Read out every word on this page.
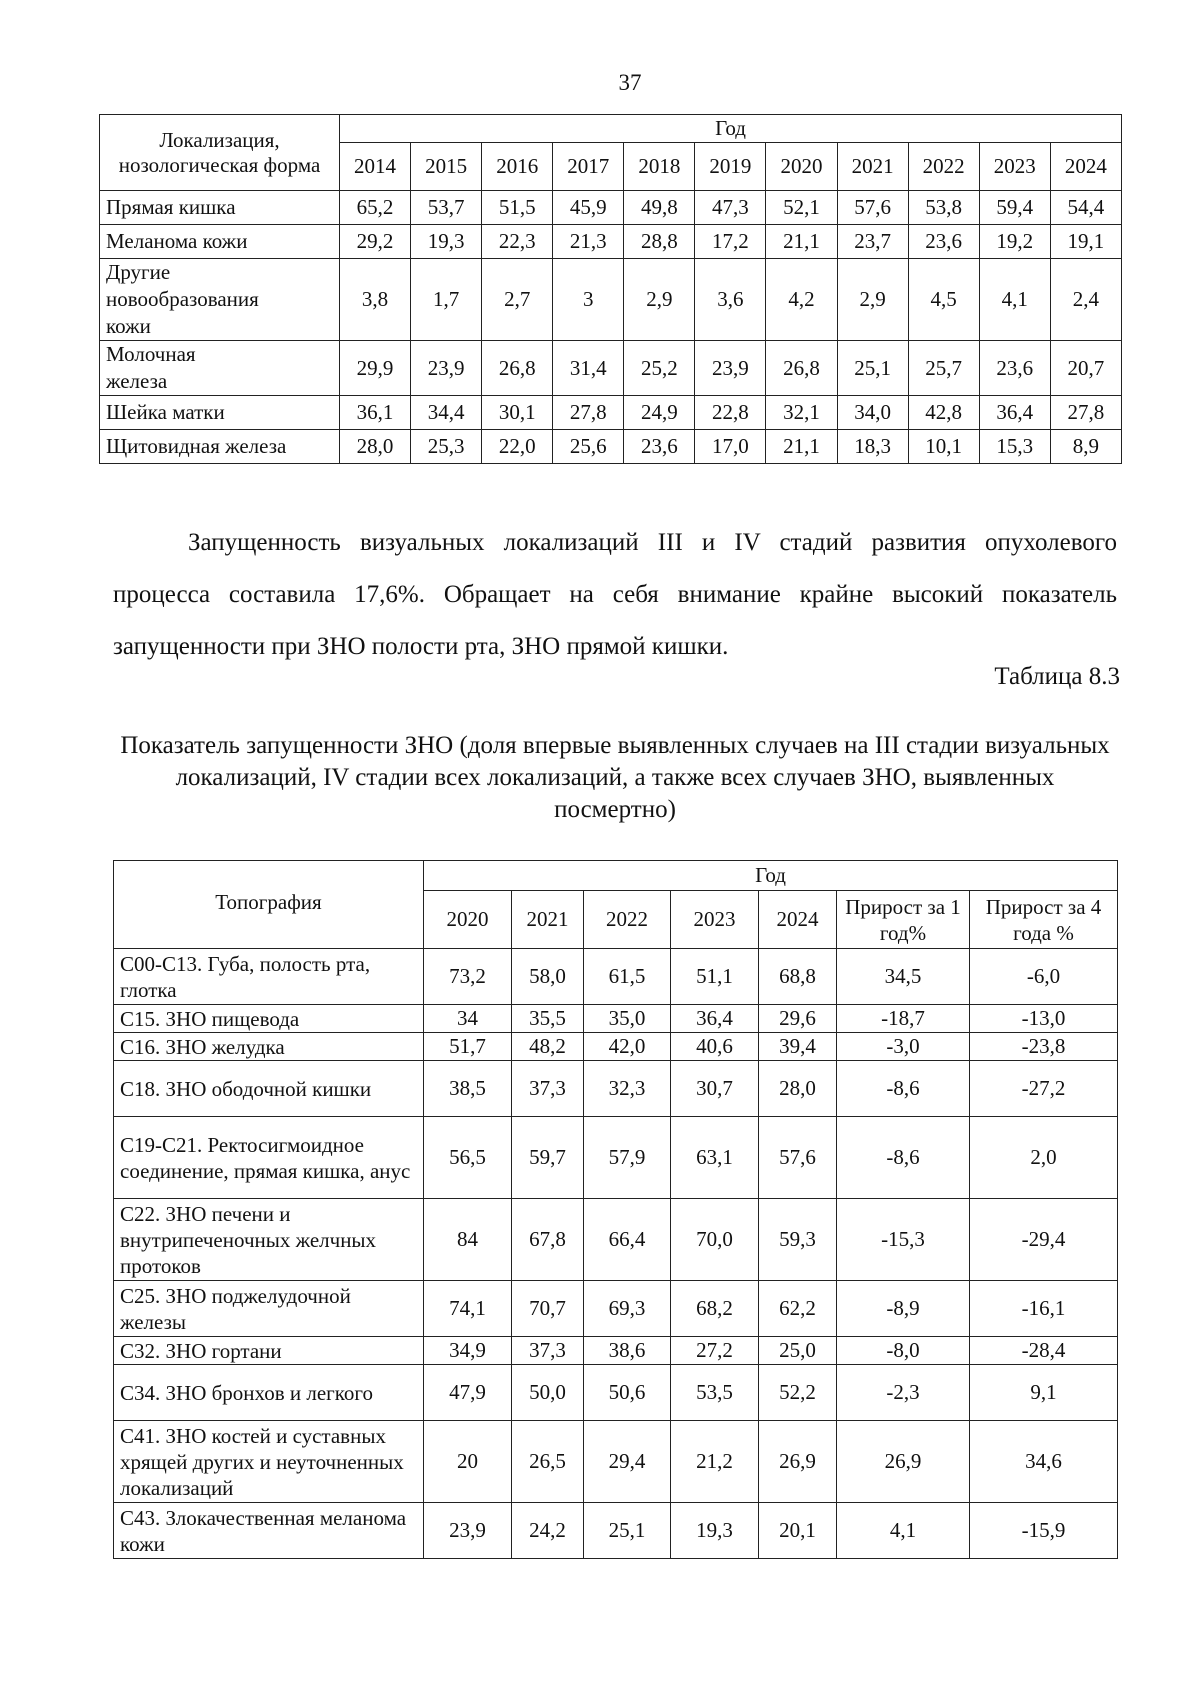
37
Локализация, нозологическая форма	Год										
	2014	2015	2016	2017	2018	2019	2020	2021	2022	2023	2024
Прямая кишка	65,2	53,7	51,5	45,9	49,8	47,3	52,1	57,6	53,8	59,4	54,4
Меланома кожи	29,2	19,3	22,3	21,3	28,8	17,2	21,1	23,7	23,6	19,2	19,1
Другие новообразования кожи	3,8	1,7	2,7	3	2,9	3,6	4,2	2,9	4,5	4,1	2,4
Молочная железа	29,9	23,9	26,8	31,4	25,2	23,9	26,8	25,1	25,7	23,6	20,7
Шейка матки	36,1	34,4	30,1	27,8	24,9	22,8	32,1	34,0	42,8	36,4	27,8
Щитовидная железа	28,0	25,3	22,0	25,6	23,6	17,0	21,1	18,3	10,1	15,3	8,9
Запущенность визуальных локализаций III и IV стадий развития опухолевого процесса составила 17,6%. Обращает на себя внимание крайне высокий показатель запущенности при ЗНО полости рта, ЗНО прямой кишки.
Таблица 8.3
Показатель запущенности ЗНО (доля впервые выявленных случаев на III стадии визуальных локализаций, IV стадии всех локализаций, а также всех случаев ЗНО, выявленных посмертно)
Топография	Год						
	2020	2021	2022	2023	2024	Прирост за 1 год%	Прирост за 4 года %
C00-C13. Губа, полость рта, глотка	73,2	58,0	61,5	51,1	68,8	34,5	-6,0
C15. ЗНО пищевода	34	35,5	35,0	36,4	29,6	-18,7	-13,0
C16. ЗНО желудка	51,7	48,2	42,0	40,6	39,4	-3,0	-23,8
C18. ЗНО ободочной кишки	38,5	37,3	32,3	30,7	28,0	-8,6	-27,2
C19-C21. Ректосигмоидное соединение, прямая кишка, анус	56,5	59,7	57,9	63,1	57,6	-8,6	2,0
C22. ЗНО печени и внутрипеченочных желчных протоков	84	67,8	66,4	70,0	59,3	-15,3	-29,4
C25. ЗНО поджелудочной железы	74,1	70,7	69,3	68,2	62,2	-8,9	-16,1
C32. ЗНО гортани	34,9	37,3	38,6	27,2	25,0	-8,0	-28,4
C34. ЗНО бронхов и легкого	47,9	50,0	50,6	53,5	52,2	-2,3	9,1
C41. ЗНО костей и суставных хрящей других и неуточненных локализаций	20	26,5	29,4	21,2	26,9	26,9	34,6
C43. Злокачественная меланома кожи	23,9	24,2	25,1	19,3	20,1	4,1	-15,9
